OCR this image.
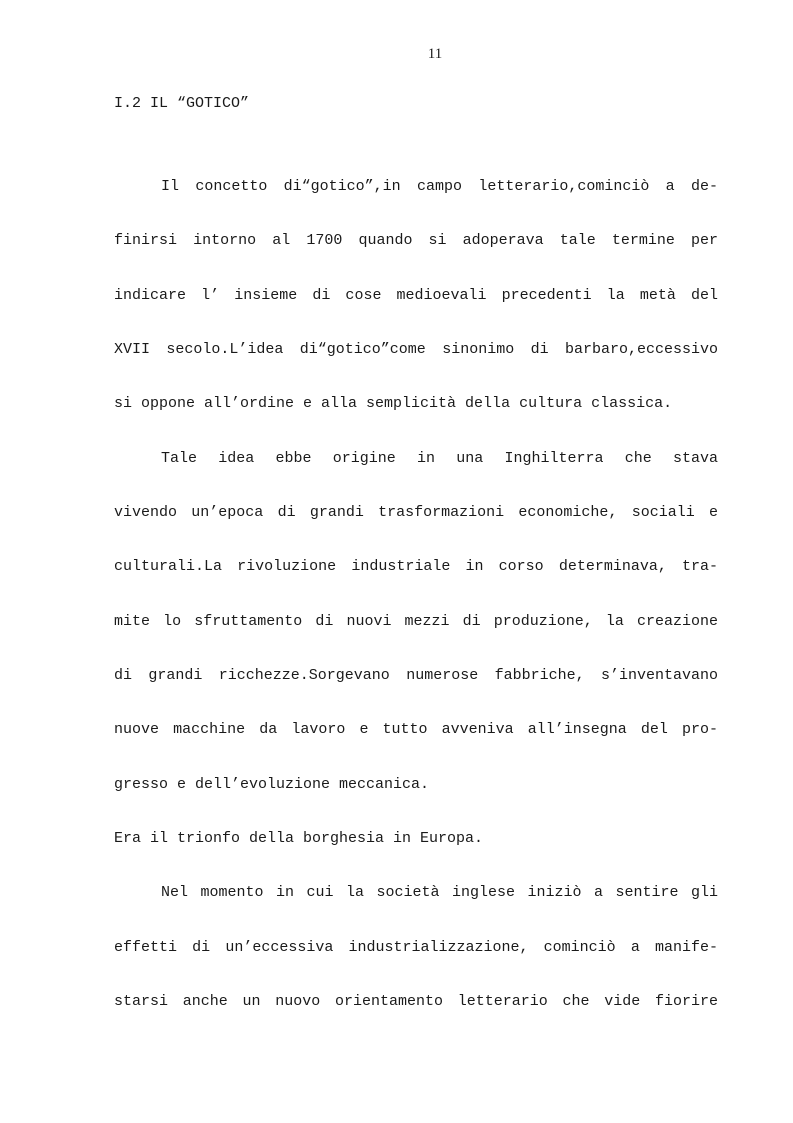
11
I.2 IL “GOTICO”
Il concetto di“gotico”,in campo letterario,cominciò a de-
finirsi intorno al 1700 quando si adoperava tale termine per
indicare l’ insieme di cose medioevali precedenti la metà del
XVII secolo.L’idea di“gotico”come sinonimo di barbaro,eccessivo
si oppone all’ordine e alla semplicità della cultura classica.
Tale idea ebbe origine in una Inghilterra che stava
vivendo un’epoca di grandi trasformazioni economiche, sociali e
culturali.La rivoluzione industriale in corso determinava, tra-
mite lo sfruttamento di nuovi mezzi di produzione, la creazione
di grandi ricchezze.Sorgevano numerose fabbriche, s’inventavano
nuove macchine da lavoro e tutto avveniva all’insegna del pro-
gresso e dell’evoluzione meccanica.
Era il trionfo della borghesia in Europa.
Nel momento in cui la società inglese iniziò a sentire gli
effetti di un’eccessiva industrializzazione, cominciò a manife-
starsi anche un nuovo orientamento letterario che vide fiorire
